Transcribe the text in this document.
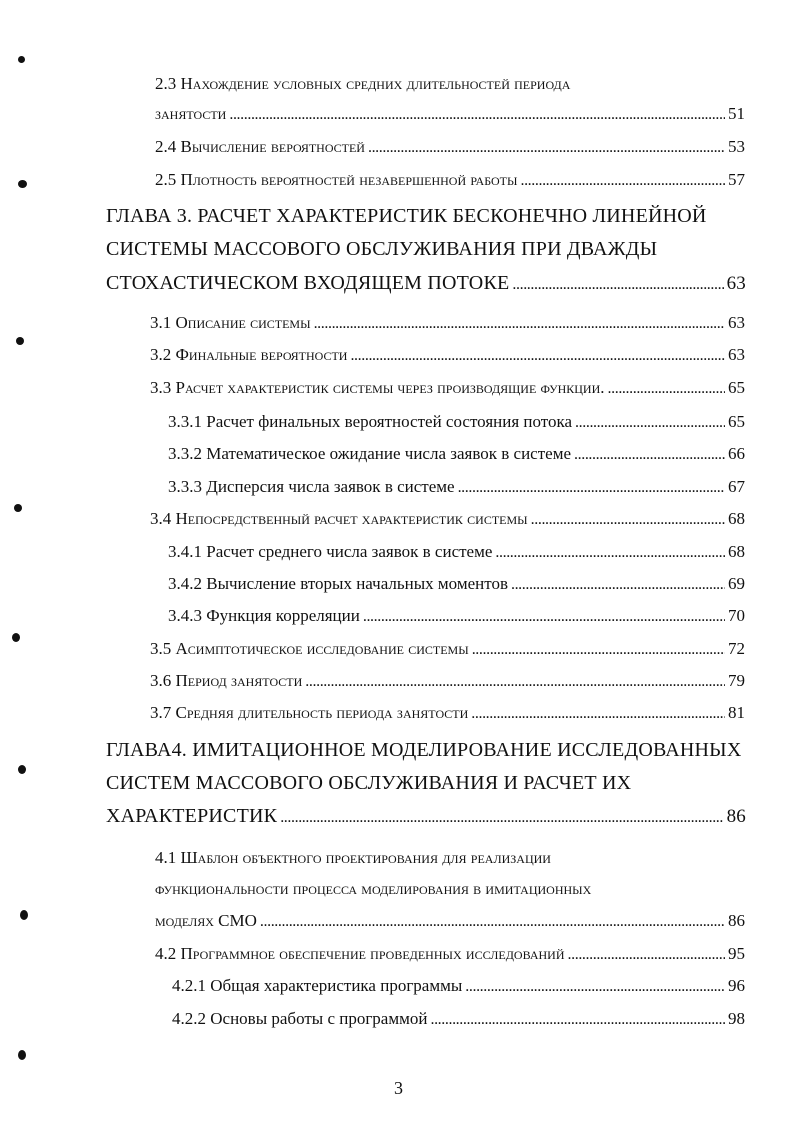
2.3 Нахождение условных средних длительностей периода
занятости . . .	51
2.4 Вычисление вероятностей . . .	53
2.5 Плотность вероятностей незавершенной работы . . .	57
ГЛАВА 3. РАСЧЕТ ХАРАКТЕРИСТИК БЕСКОНЕЧНО ЛИНЕЙНОЙ
СИСТЕМЫ МАССОВОГО ОБСЛУЖИВАНИЯ ПРИ ДВАЖДЫ
СТОХАСТИЧЕСКОМ ВХОДЯЩЕМ ПОТОКЕ . . .	63
3.1 Описание системы . . .	63
3.2 Финальные вероятности . . .	63
3.3 Расчет характеристик системы через производящие функции. . . .	65
3.3.1 Расчет финальных вероятностей состояния потока . . .	65
3.3.2 Математическое ожидание числа заявок в системе . . .	66
3.3.3 Дисперсия числа заявок в системе . . .	67
3.4 Непосредственный расчет характеристик системы . . .	68
3.4.1 Расчет среднего числа заявок в системе . . .	68
3.4.2 Вычисление вторых начальных моментов . . .	69
3.4.3 Функция корреляции . . .	70
3.5 Асимптотическое исследование системы . . .	72
3.6 Период занятости . . .	79
3.7 Средняя длительность периода занятости . . .	81
ГЛАВА4. ИМИТАЦИОННОЕ МОДЕЛИРОВАНИЕ ИССЛЕДОВАННЫХ
СИСТЕМ МАССОВОГО ОБСЛУЖИВАНИЯ И РАСЧЕТ ИХ
ХАРАКТЕРИСТИК . . .	86
4.1 Шаблон объектного проектирования для реализации
функциональности процесса моделирования в имитационных
моделях СМО . . .	86
4.2 Программное обеспечение проведенных исследований . . .	95
4.2.1 Общая характеристика программы . . .	96
4.2.2 Основы работы с программой . . .	98
3
